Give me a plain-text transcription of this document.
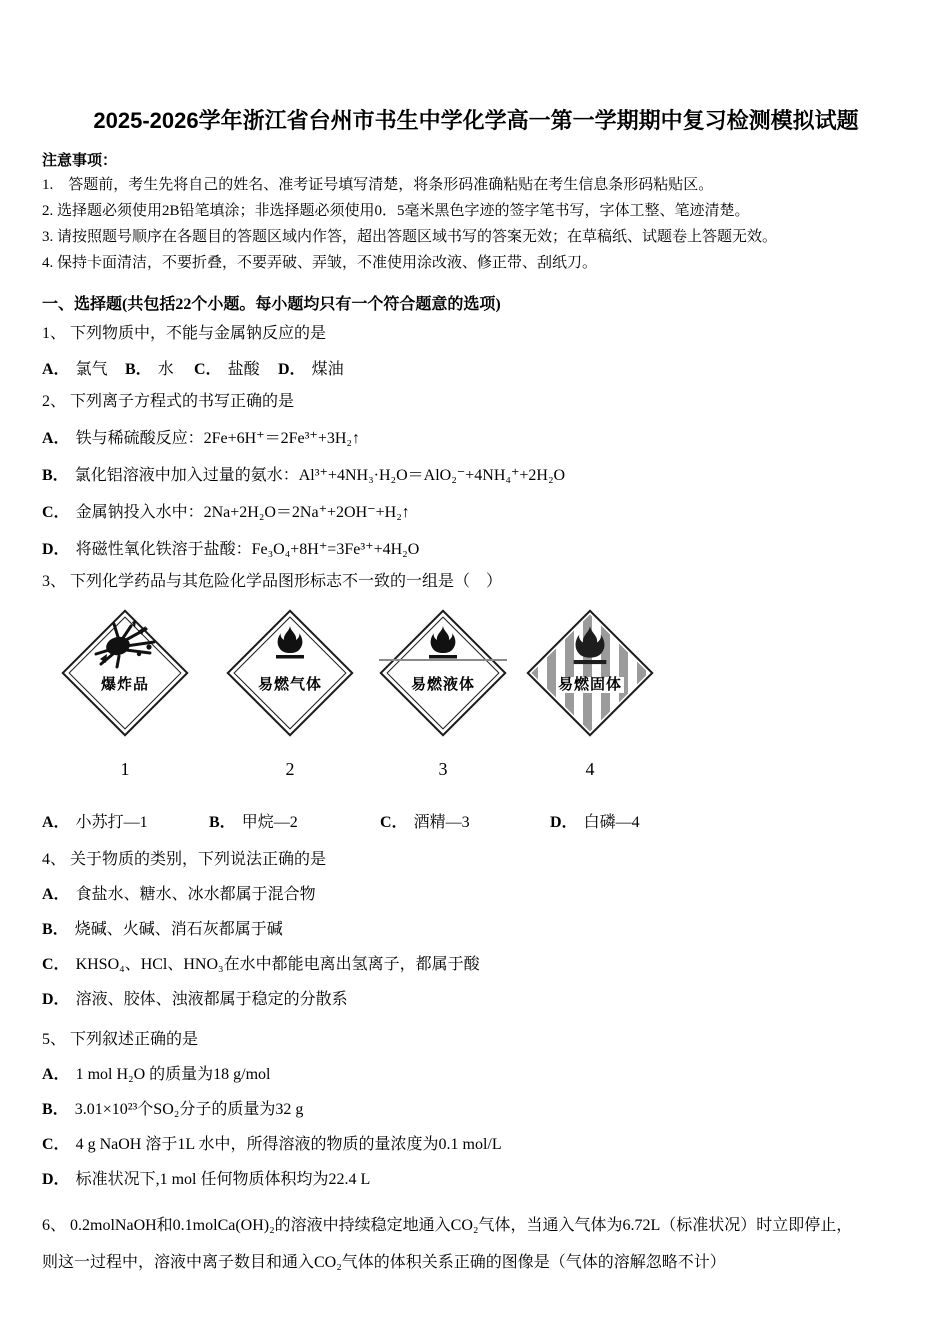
2025-2026学年浙江省台州市书生中学化学高一第一学期期中复习检测模拟试题
注意事项：
1.　答题前，考生先将自己的姓名、准考证号填写清楚，将条形码准确粘贴在考生信息条形码粘贴区。
2. 选择题必须使用2B铅笔填涂；非选择题必须使用0．5毫米黑色字迹的签字笔书写，字体工整、笔迹清楚。
3. 请按照题号顺序在各题目的答题区域内作答，超出答题区域书写的答案无效；在草稿纸、试题卷上答题无效。
4. 保持卡面清洁，不要折叠，不要弄破、弄皱，不准使用涂改液、修正带、刮纸刀。
一、选择题(共包括22个小题。每小题均只有一个符合题意的选项)
1、 下列物质中，不能与金属钠反应的是
A． 氯气 B． 水 C． 盐酸 D． 煤油
2、 下列离子方程式的书写正确的是
A． 铁与稀硫酸反应：2Fe+6H⁺＝2Fe³⁺+3H₂↑
B． 氯化铝溶液中加入过量的氨水：Al³⁺+4NH₃·H₂O＝AlO₂⁻+4NH₄⁺+2H₂O
C． 金属钠投入水中：2Na+2H₂O＝2Na⁺+2OH⁻+H₂↑
D． 将磁性氧化铁溶于盐酸：Fe₃O₄+8H⁺=3Fe³⁺+4H₂O
3、 下列化学药品与其危险化学品图形标志不一致的一组是（　）
爆炸品
1
易燃气体
2
易燃液体
3
易燃固体
4
A． 小苏打—1	B． 甲烷—2	C． 酒精—3	D． 白磷—4
4、 关于物质的类别，下列说法正确的是
A． 食盐水、糖水、冰水都属于混合物
B． 烧碱、火碱、消石灰都属于碱
C． KHSO₄、HCl、HNO₃在水中都能电离出氢离子，都属于酸
D． 溶液、胶体、浊液都属于稳定的分散系
5、 下列叙述正确的是
A． 1 mol H₂O 的质量为18 g/mol
B． 3.01×10²³个SO₂分子的质量为32 g
C． 4 g NaOH 溶于1L 水中，所得溶液的物质的量浓度为0.1 mol/L
D． 标准状况下,1 mol 任何物质体积均为22.4 L

6、 0.2molNaOH和0.1molCa(OH)₂的溶液中持续稳定地通入CO₂气体，当通入气体为6.72L（标准状况）时立即停止，

则这一过程中，溶液中离子数目和通入CO₂气体的体积关系正确的图像是（气体的溶解忽略不计）
